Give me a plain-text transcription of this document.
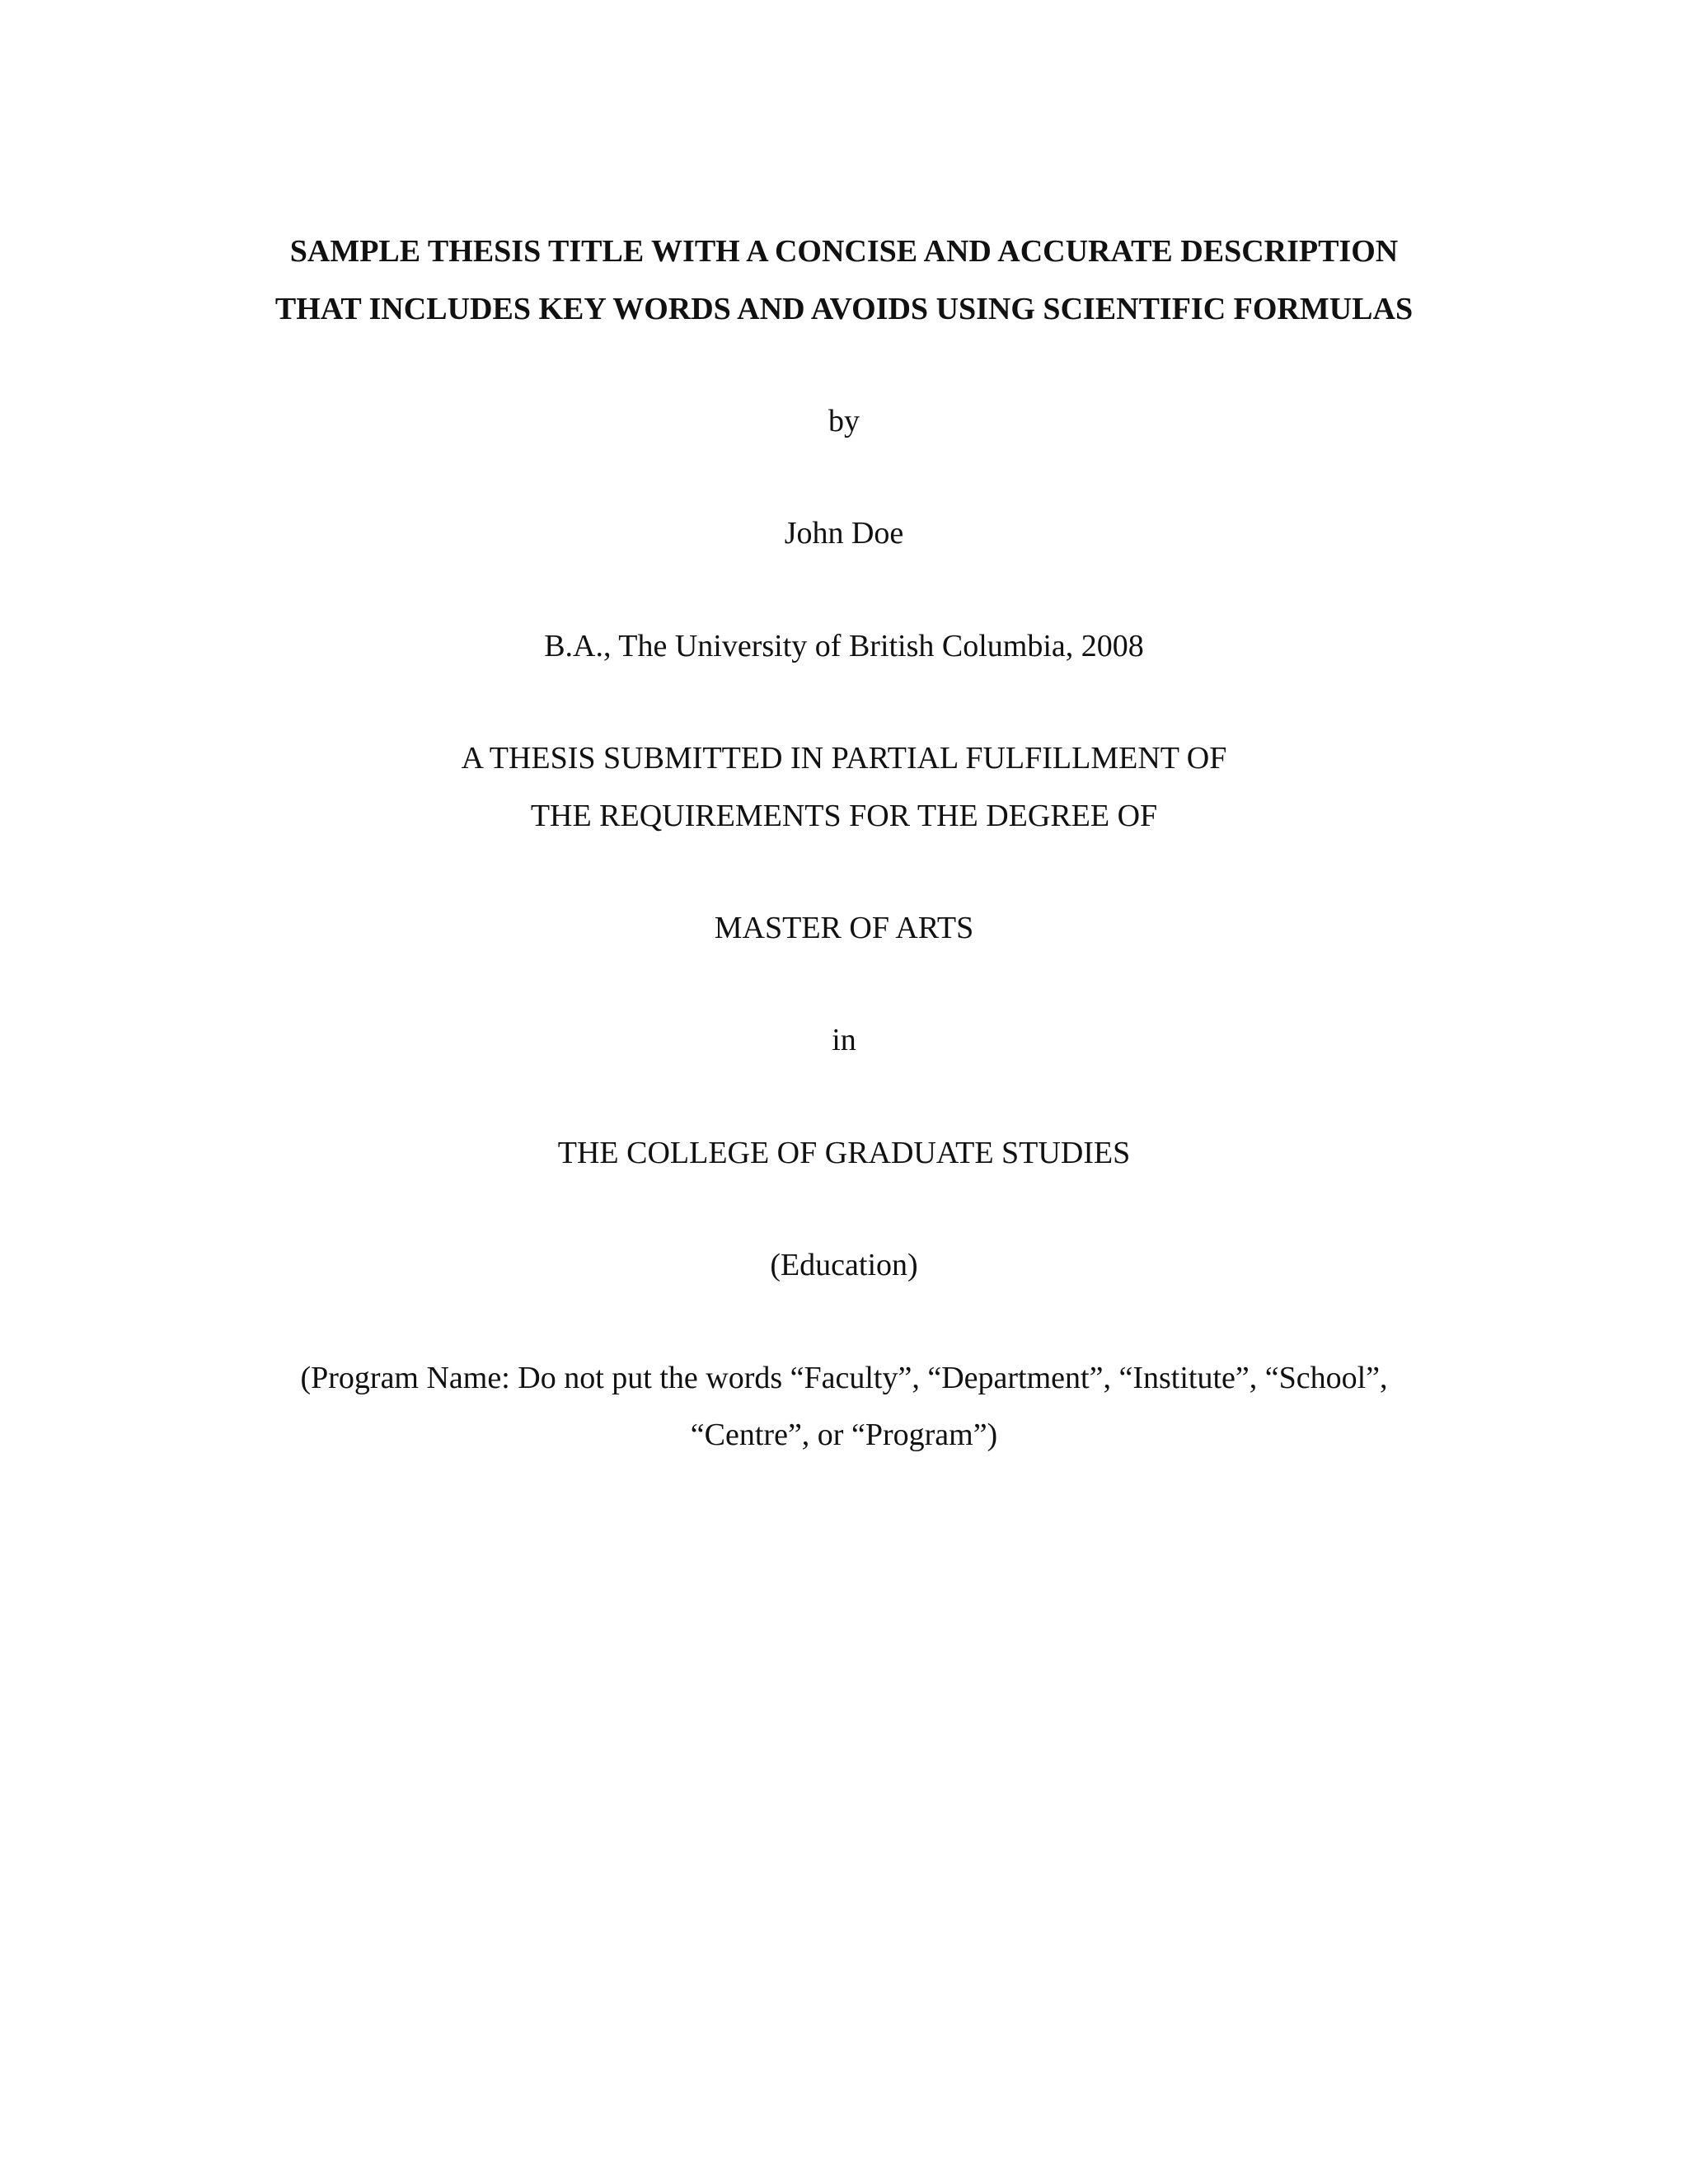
SAMPLE THESIS TITLE WITH A CONCISE AND ACCURATE DESCRIPTION
THAT INCLUDES KEY WORDS AND AVOIDS USING SCIENTIFIC FORMULAS
by
John Doe
B.A., The University of British Columbia, 2008
A THESIS SUBMITTED IN PARTIAL FULFILLMENT OF
THE REQUIREMENTS FOR THE DEGREE OF
MASTER OF ARTS
in
THE COLLEGE OF GRADUATE STUDIES
(Education)
(Program Name: Do not put the words “Faculty”, “Department”, “Institute”, “School”,
“Centre”, or “Program”)
